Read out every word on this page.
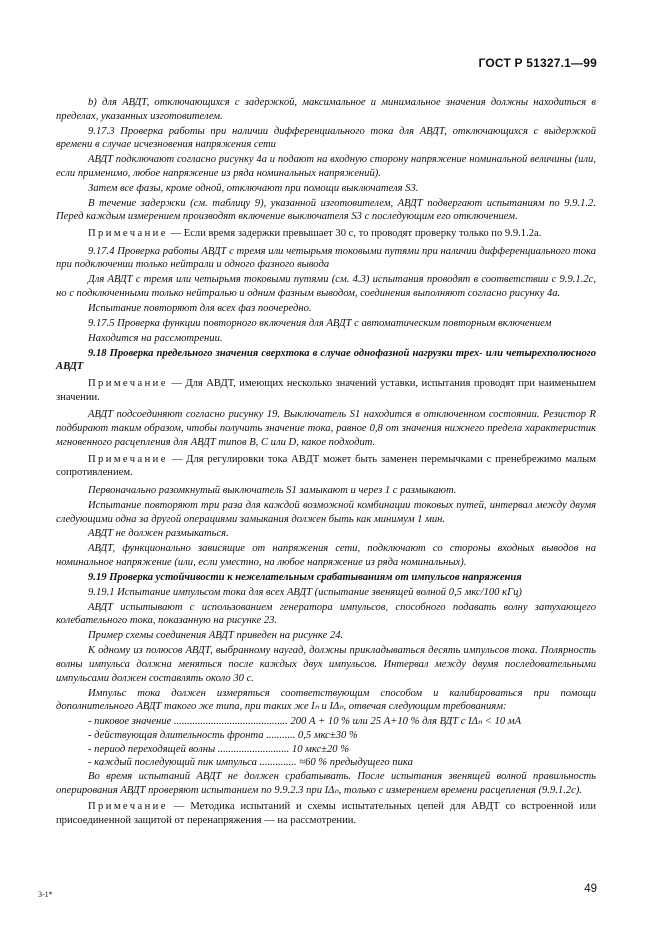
ГОСТ Р 51327.1—99

b) для АВДТ, отключающихся с задержкой, максимальное и минимальное значения должны находиться в пределах, указанных изготовителем.

9.17.3 Проверка работы при наличии дифференциального тока для АВДТ, отключающихся с выдержкой времени в случае исчезновения напряжения сети

АВДТ подключают согласно рисунку 4а и подают на входную сторону напряжение номинальной величины (или, если применимо, любое напряжение из ряда номинальных напряжений).

Затем все фазы, кроме одной, отключают при помощи выключателя S3.

В течение задержки (см. таблицу 9), указанной изготовителем, АВДТ подвергают испытаниям по 9.9.1.2. Перед каждым измерением производят включение выключателя S3 с последующим его отключением.

Примечание — Если время задержки превышает 30 с, то проводят проверку только по 9.9.1.2а.

9.17.4 Проверка работы АВДТ с тремя или четырьмя токовыми путями при наличии дифференциального тока при подключении только нейтрали и одного фазного вывода

Для АВДТ с тремя или четырьмя токовыми путями (см. 4.3) испытания проводят в соответствии с 9.9.1.2с, но с подключенными только нейтралью и одним фазным выводом, соединения выполняют согласно рисунку 4а.

Испытание повторяют для всех фаз поочередно.

9.17.5 Проверка функции повторного включения для АВДТ с автоматическим повторным включением

Находится на рассмотрении.

9.18 Проверка предельного значения сверхтока в случае однофазной нагрузки трех- или четырехполюсного АВДТ

Примечание — Для АВДТ, имеющих несколько значений уставки, испытания проводят при наименьшем значении.

АВДТ подсоединяют согласно рисунку 19. Выключатель S1 находится в отключенном состоянии. Резистор R подбирают таким образом, чтобы получить значение тока, равное 0,8 от значения нижнего предела характеристик мгновенного расцепления для АВДТ типов B, C или D, какое подходит.

Примечание — Для регулировки тока АВДТ может быть заменен перемычками с пренебрежимо малым сопротивлением.

Первоначально разомкнутый выключатель S1 замыкают и через 1 с размыкают.

Испытание повторяют три раза для каждой возможной комбинации токовых путей, интервал между двумя следующими одна за другой операциями замыкания должен быть как минимум 1 мин.

АВДТ не должен размыкаться.

АВДТ, функционально зависящие от напряжения сети, подключают со стороны входных выводов на номинальное напряжение (или, если уместно, на любое напряжение из ряда номинальных).

9.19 Проверка устойчивости к нежелательным срабатываниям от импульсов напряжения

9.19.1 Испытание импульсом тока для всех АВДТ (испытание звенящей волной 0,5 мкс/100 кГц)

АВДТ испытывают с использованием генератора импульсов, способного подавать волну затухающего колебательного тока, показанную на рисунке 23.

Пример схемы соединения АВДТ приведен на рисунке 24.

К одному из полюсов АВДТ, выбранному наугад, должны прикладываться десять импульсов тока. Полярность волны импульса должна меняться после каждых двух импульсов. Интервал между двумя последовательными импульсами должен составлять около 30 с.

Импульс тока должен измеряться соответствующим способом и калибироваться при помощи дополнительного АВДТ такого же типа, при таких же Iₙ и IΔₙ, отвечая следующим требованиям:

- пиковое значение ........................................... 200 А + 10 % или 25 А+10 % для ВДТ с IΔₙ < 10 мА
- действующая длительность фронта ........... 0,5 мкс±30 %
- период переходящей волны ........................... 10 мкс±20 %
- каждый последующий пик импульса .............. ≈60 % предыдущего пика

Во время испытаний АВДТ не должен срабатывать. После испытания звенящей волной правильность оперирования АВДТ проверяют испытанием по 9.9.2.3 при IΔₙ, только с измерением времени расцепления (9.9.1.2с).

Примечание — Методика испытаний и схемы испытательных цепей для АВДТ со встроенной или присоединенной защитой от перенапряжения — на рассмотрении.

3-1*	49
